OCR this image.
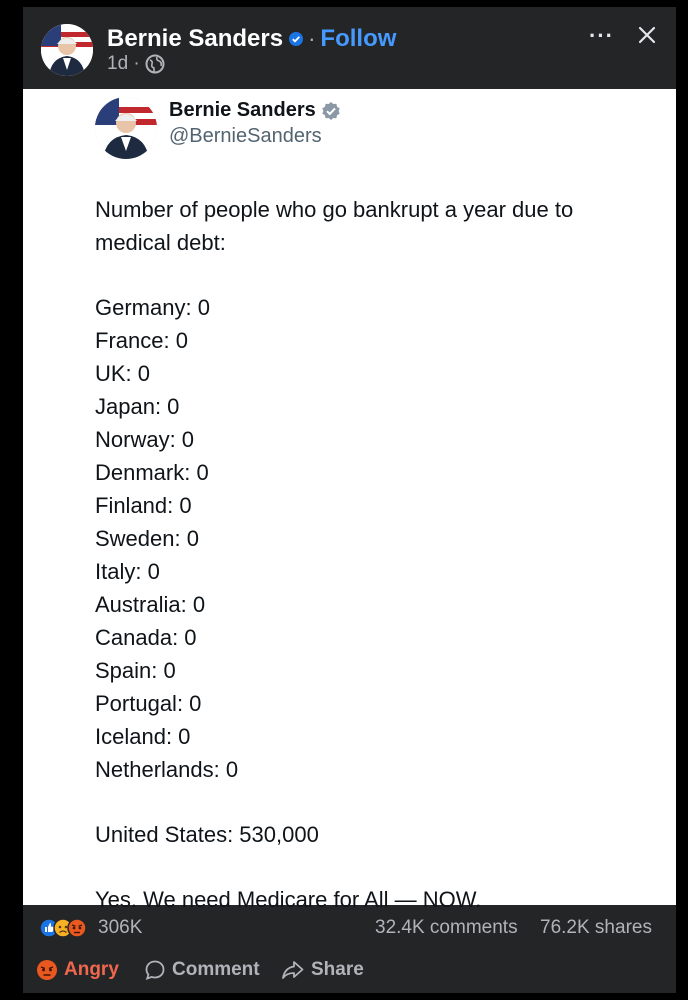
Bernie Sanders · Follow
1d ·
···
Bernie Sanders
@BernieSanders
Number of people who go bankrupt a year due to
medical debt:
Germany: 0
France: 0
UK: 0
Japan: 0
Norway: 0
Denmark: 0
Finland: 0
Sweden: 0
Italy: 0
Australia: 0
Canada: 0
Spain: 0
Portugal: 0
Iceland: 0
Netherlands: 0
United States: 530,000
Yes. We need Medicare for All — NOW.
306K	32.4K comments 76.2K shares
Angry	Comment	Share
